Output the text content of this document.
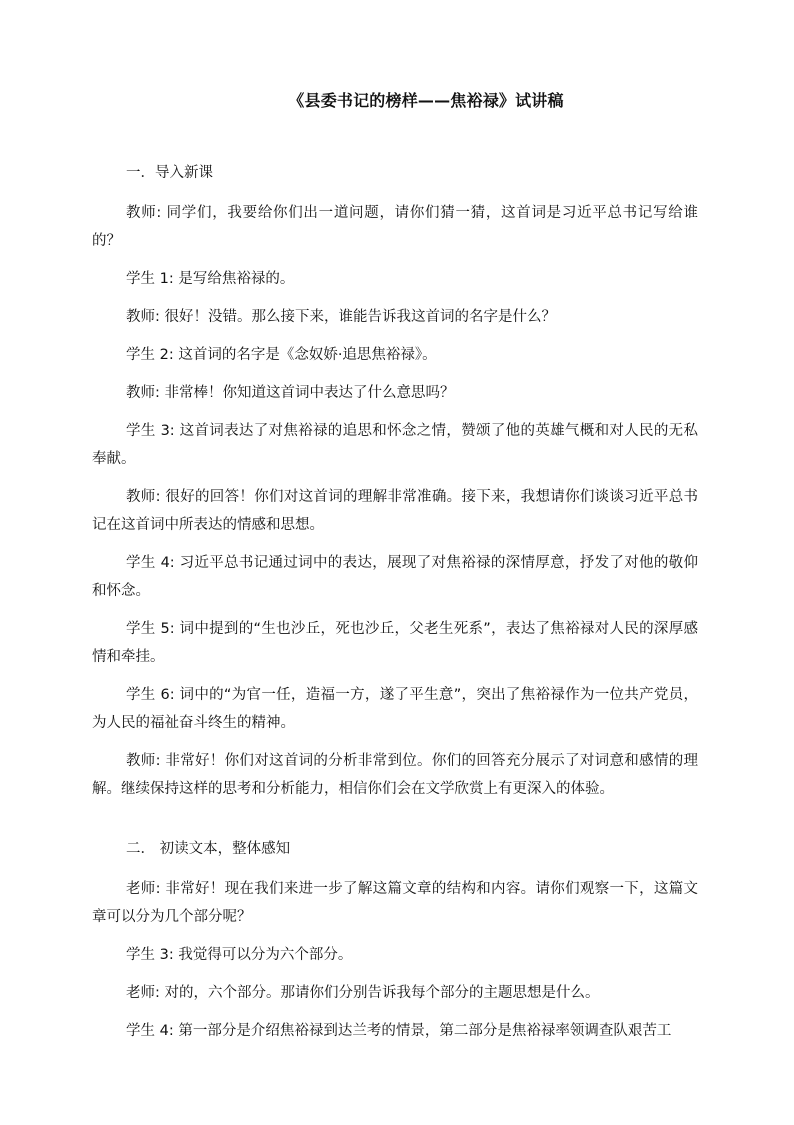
《县委书记的榜样——焦裕禄》试讲稿
一．导入新课
教师: 同学们，我要给你们出一道问题，请你们猜一猜，这首词是习近平总书记写给谁的？
学生 1: 是写给焦裕禄的。
教师: 很好！没错。那么接下来，谁能告诉我这首词的名字是什么？
学生 2: 这首词的名字是《念奴娇·追思焦裕禄》。
教师: 非常棒！你知道这首词中表达了什么意思吗？
学生 3: 这首词表达了对焦裕禄的追思和怀念之情，赞颂了他的英雄气概和对人民的无私奉献。
教师: 很好的回答！你们对这首词的理解非常准确。接下来，我想请你们谈谈习近平总书记在这首词中所表达的情感和思想。
学生 4: 习近平总书记通过词中的表达，展现了对焦裕禄的深情厚意，抒发了对他的敬仰和怀念。
学生 5: 词中提到的“生也沙丘，死也沙丘，父老生死系”，表达了焦裕禄对人民的深厚感情和牵挂。
学生 6: 词中的“为官一任，造福一方，遂了平生意”，突出了焦裕禄作为一位共产党员，为人民的福祉奋斗终生的精神。
教师: 非常好！你们对这首词的分析非常到位。你们的回答充分展示了对词意和感情的理解。继续保持这样的思考和分析能力，相信你们会在文学欣赏上有更深入的体验。
二． 初读文本，整体感知
老师: 非常好！现在我们来进一步了解这篇文章的结构和内容。请你们观察一下，这篇文章可以分为几个部分呢？
学生 3: 我觉得可以分为六个部分。
老师: 对的，六个部分。那请你们分别告诉我每个部分的主题思想是什么。
学生 4: 第一部分是介绍焦裕禄到达兰考的情景，第二部分是焦裕禄率领调查队艰苦工
